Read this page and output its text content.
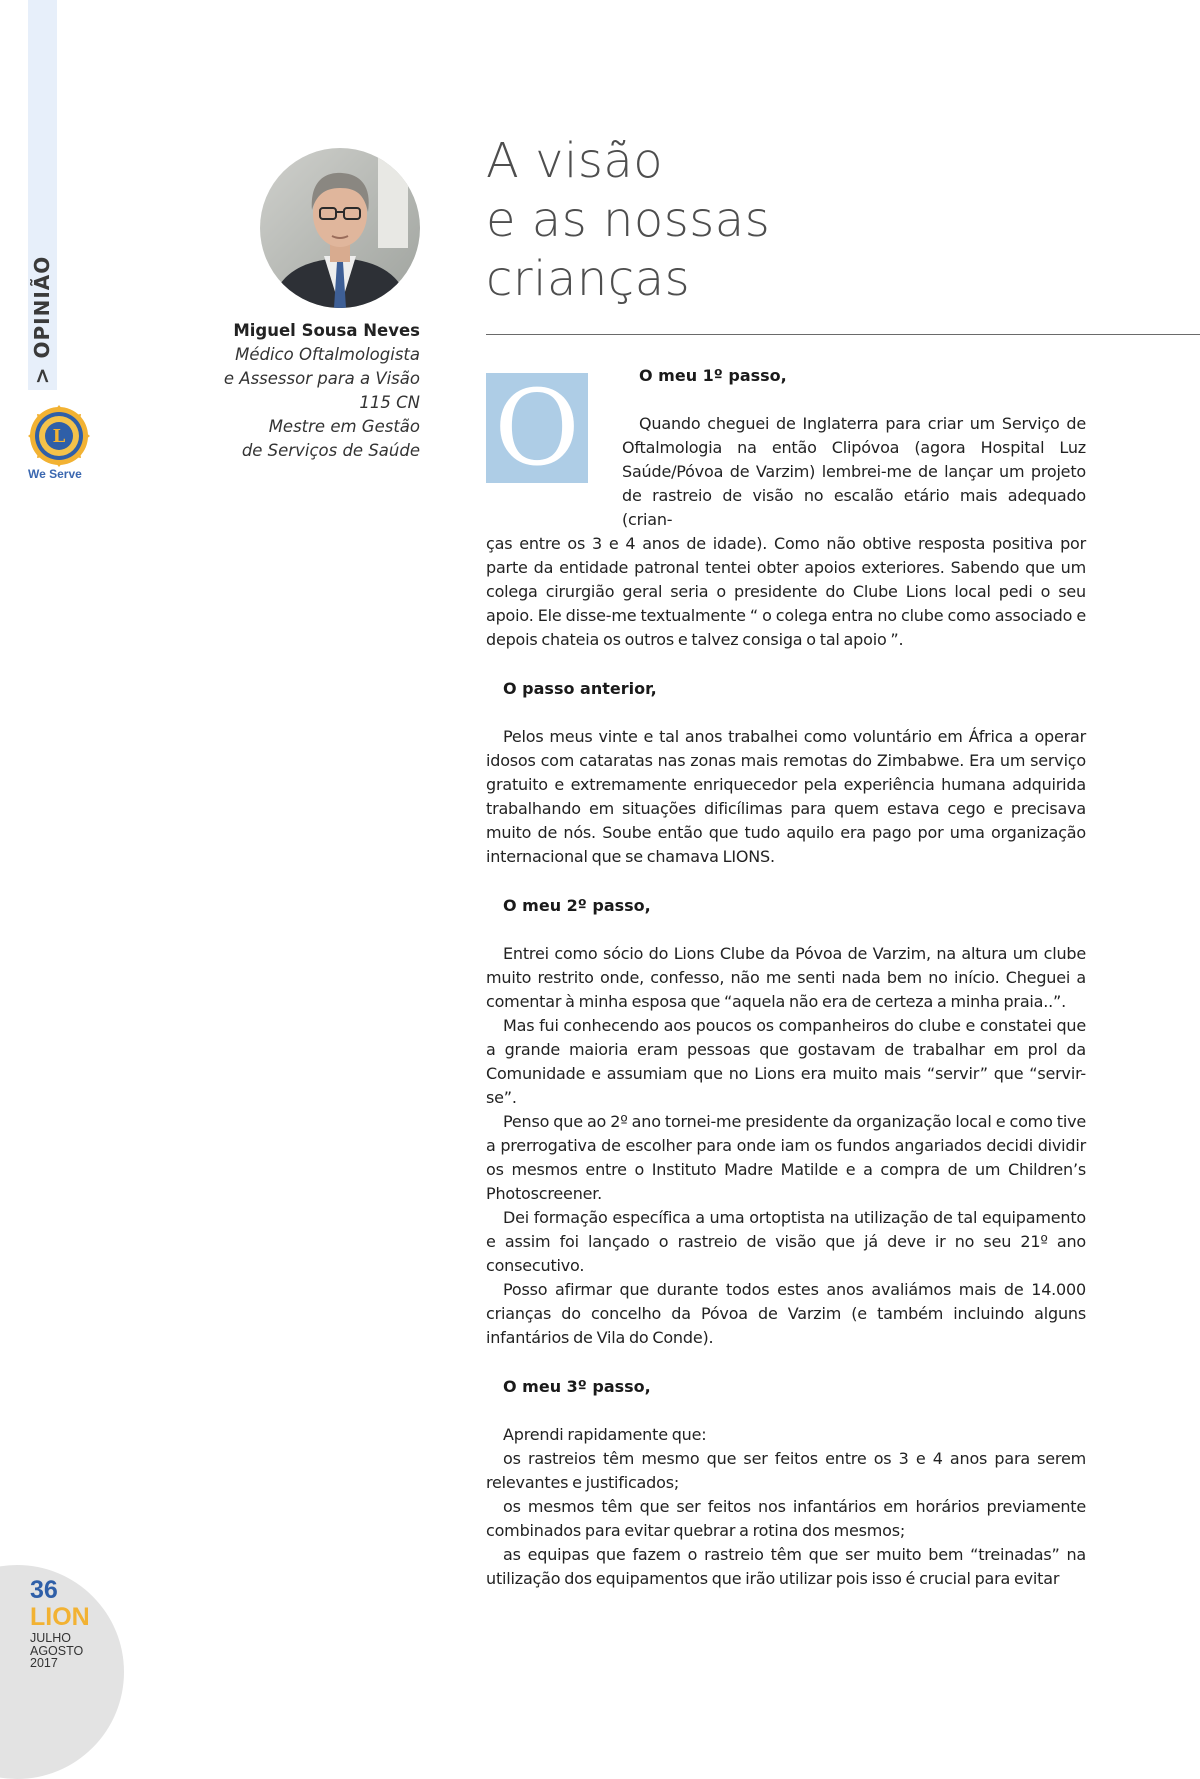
> OPINIÃO
L
We Serve
36
LION
JULHO
AGOSTO
2017
Miguel Sousa Neves
Médico Oftalmologista
e Assessor para a Visão
115 CN
Mestre em Gestão
de Serviços de Saúde
A visão
e as nossas
crianças
O	O meu 1º passo,

Quando cheguei de Inglaterra para criar um Serviço de Oftalmologia na então Clipóvoa (agora Hospital Luz Saúde/Póvoa de Varzim) lembrei-me de lançar um projeto de rastreio de visão no escalão etário mais adequado (crian-

ças entre os 3 e 4 anos de idade). Como não obtive resposta positiva por parte da entidade patronal tentei obter apoios exteriores. Sabendo que um colega cirurgião geral seria o presidente do Clube Lions local pedi o seu apoio. Ele disse-me textualmente “ o colega entra no clube como associado e depois chateia os outros e talvez consiga o tal apoio ”.

O passo anterior,

Pelos meus vinte e tal anos trabalhei como voluntário em África a operar idosos com cataratas nas zonas mais remotas do Zimbabwe. Era um serviço gratuito e extremamente enriquecedor pela experiência humana adquirida trabalhando em situações dificílimas para quem estava cego e precisava muito de nós. Soube então que tudo aquilo era pago por uma organização internacional que se chamava LIONS.

O meu 2º passo,

Entrei como sócio do Lions Clube da Póvoa de Varzim, na altura um clube muito restrito onde, confesso, não me senti nada bem no início. Cheguei a comentar à minha esposa que “aquela não era de certeza a minha praia..”.

Mas fui conhecendo aos poucos os companheiros do clube e constatei que a grande maioria eram pessoas que gostavam de trabalhar em prol da Comunidade e assumiam que no Lions era muito mais “servir” que “servir-se”.

Penso que ao 2º ano tornei-me presidente da organização local e como tive a prerrogativa de escolher para onde iam os fundos angariados decidi dividir os mesmos entre o Instituto Madre Matilde e a compra de um Children’s Photoscreener.

Dei formação específica a uma ortoptista na utilização de tal equipamento e assim foi lançado o rastreio de visão que já deve ir no seu 21º ano consecutivo.

Posso afirmar que durante todos estes anos avaliámos mais de 14.000 crianças do concelho da Póvoa de Varzim (e também incluindo alguns infantários de Vila do Conde).

O meu 3º passo,

Aprendi rapidamente que:

os rastreios têm mesmo que ser feitos entre os 3 e 4 anos para serem relevantes e justificados;

os mesmos têm que ser feitos nos infantários em horários previamente combinados para evitar quebrar a rotina dos mesmos;

as equipas que fazem o rastreio têm que ser muito bem “treinadas” na utilização dos equipamentos que irão utilizar pois isso é crucial para evitar
